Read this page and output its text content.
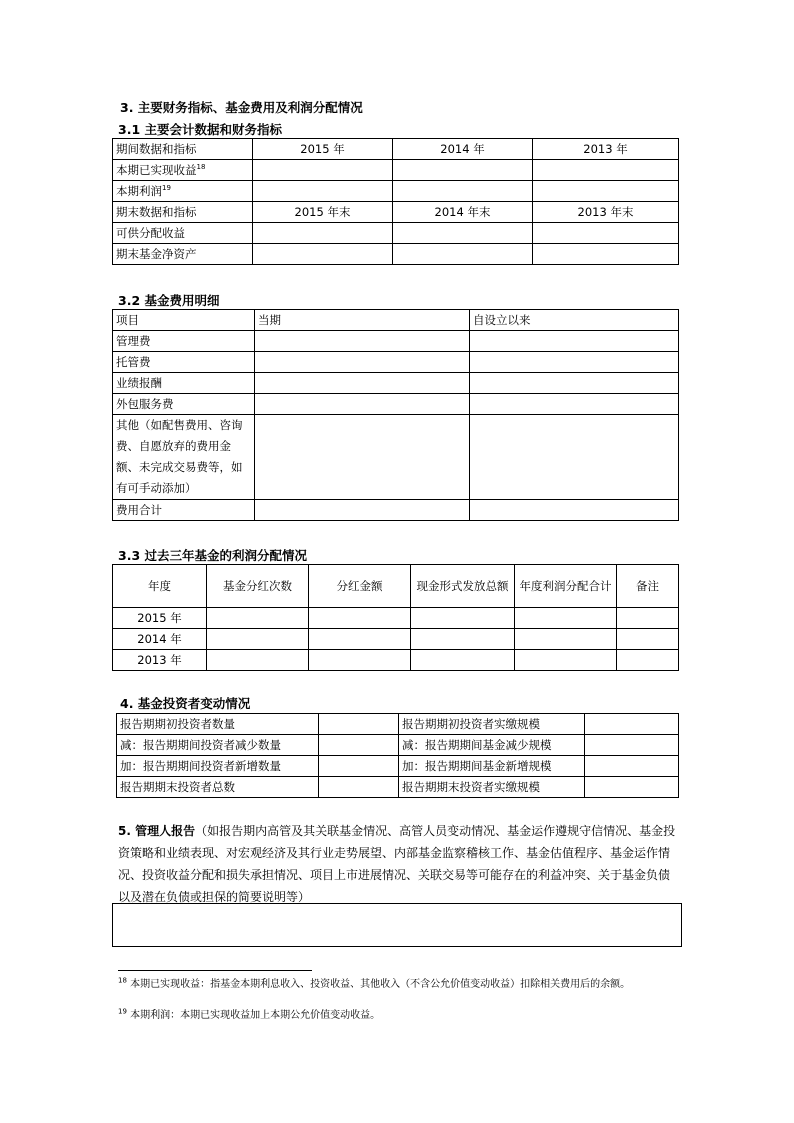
3. 主要财务指标、基金费用及利润分配情况
3.1 主要会计数据和财务指标
期间数据和指标	2015 年	2014 年	2013 年
本期已实现收益$^{18}$			
本期利润$^{19}$			
期末数据和指标	2015 年末	2014 年末	2013 年末
可供分配收益			
期末基金净资产			
3.2 基金费用明细
项目	当期	自设立以来
管理费		
托管费		
业绩报酬		
外包服务费		
其他（如配售费用、咨询费、自愿放弃的费用金额、未完成交易费等，如有可手动添加）		
费用合计		
3.3 过去三年基金的利润分配情况
年度	基金分红次数	分红金额	现金形式发放总额	年度利润分配合计	备注
2015 年					
2014 年					
2013 年					
4. 基金投资者变动情况
报告期期初投资者数量		报告期期初投资者实缴规模	
减：报告期期间投资者减少数量		减：报告期期间基金减少规模	
加：报告期期间投资者新增数量		加：报告期期间基金新增规模	
报告期期末投资者总数		报告期期末投资者实缴规模	
5. 管理人报告（如报告期内高管及其关联基金情况、高管人员变动情况、基金运作遵规守信情况、基金投资策略和业绩表现、对宏观经济及其行业走势展望、内部基金监察稽核工作、基金估值程序、基金运作情况、投资收益分配和损失承担情况、项目上市进展情况、关联交易等可能存在的利益冲突、关于基金负债以及潜在负债或担保的简要说明等）
$^{18}$ 本期已实现收益：指基金本期利息收入、投资收益、其他收入（不含公允价值变动收益）扣除相关费用后的余额。
$^{19}$ 本期利润：本期已实现收益加上本期公允价值变动收益。
